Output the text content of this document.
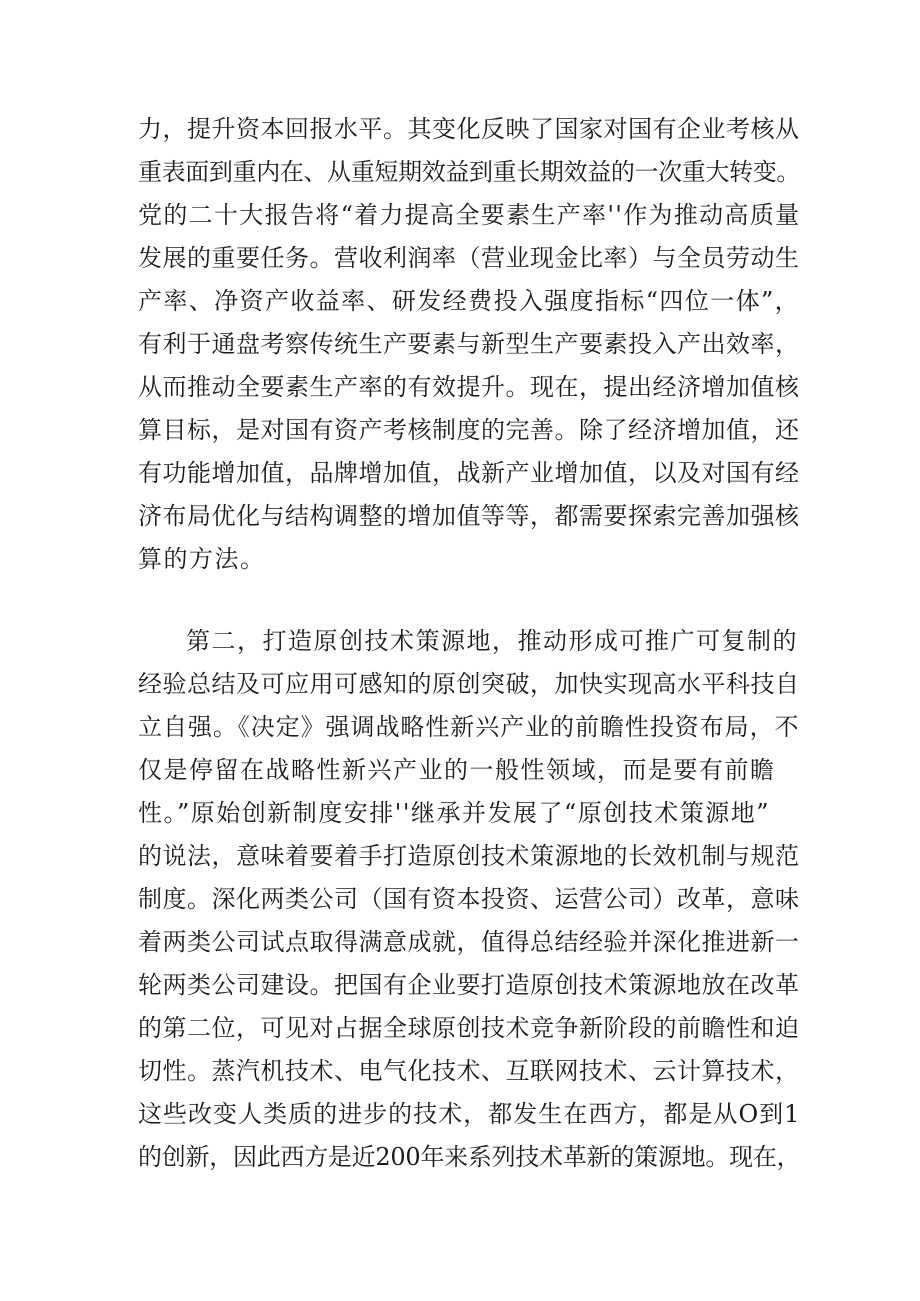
力，提升资本回报水平。其变化反映了国家对国有企业考核从
重表面到重内在、从重短期效益到重长期效益的一次重大转变。
党的二十大报告将“着力提高全要素生产率''作为推动高质量
发展的重要任务。营收利润率（营业现金比率）与全员劳动生
产率、净资产收益率、研发经费投入强度指标“四位一体”，
有利于通盘考察传统生产要素与新型生产要素投入产出效率，
从而推动全要素生产率的有效提升。现在，提出经济增加值核
算目标，是对国有资产考核制度的完善。除了经济增加值，还
有功能增加值，品牌增加值，战新产业增加值，以及对国有经
济布局优化与结构调整的增加值等等，都需要探索完善加强核
算的方法。
第二，打造原创技术策源地，推动形成可推广可复制的
经验总结及可应用可感知的原创突破，加快实现高水平科技自
立自强。《决定》强调战略性新兴产业的前瞻性投资布局，不
仅是停留在战略性新兴产业的一般性领域，而是要有前瞻
性。”原始创新制度安排''继承并发展了“原创技术策源地”
的说法，意味着要着手打造原创技术策源地的长效机制与规范
制度。深化两类公司（国有资本投资、运营公司）改革，意味
着两类公司试点取得满意成就，值得总结经验并深化推进新一
轮两类公司建设。把国有企业要打造原创技术策源地放在改革
的第二位，可见对占据全球原创技术竞争新阶段的前瞻性和迫
切性。蒸汽机技术、电气化技术、互联网技术、云计算技术，
这些改变人类质的进步的技术，都发生在西方，都是从O到1
的创新，因此西方是近200年来系列技术革新的策源地。现在，
